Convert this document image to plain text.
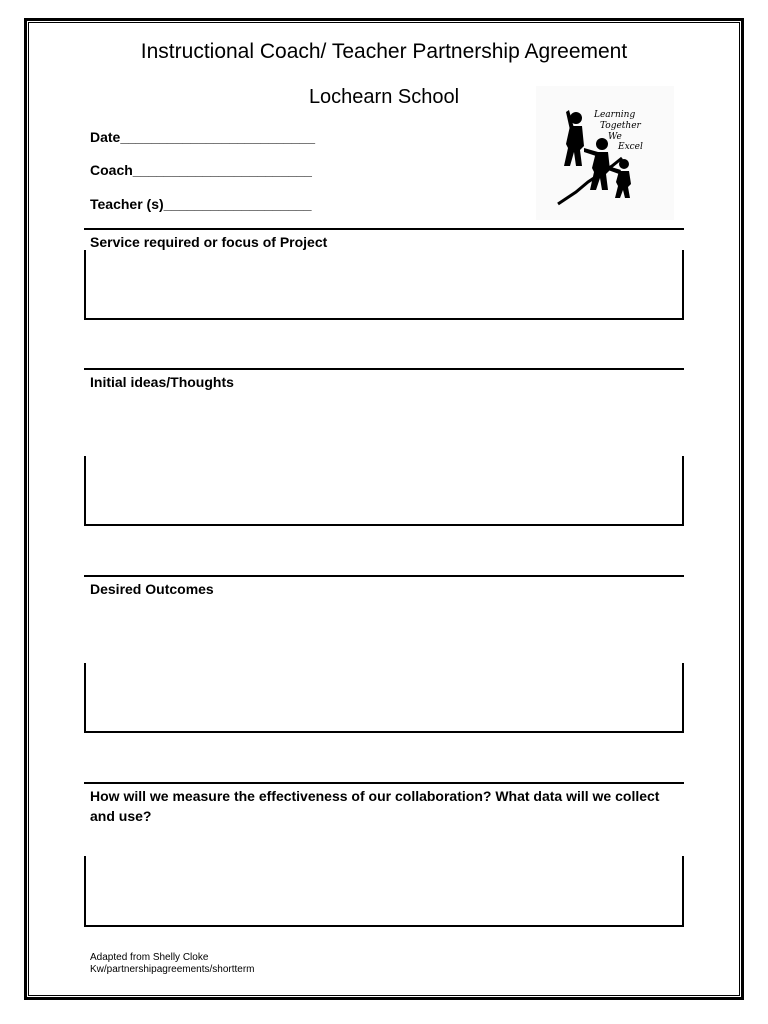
Instructional Coach/ Teacher Partnership Agreement
Lochearn School
Date_________________________
Coach_______________________
Teacher (s)___________________
Learning
Together
We
Excel
Service required or focus of Project
Initial ideas/Thoughts
Desired Outcomes
How will we measure the effectiveness of our collaboration? What data will we collect and use?
Adapted from Shelly Cloke
Kw/partnershipagreements/shortterm
